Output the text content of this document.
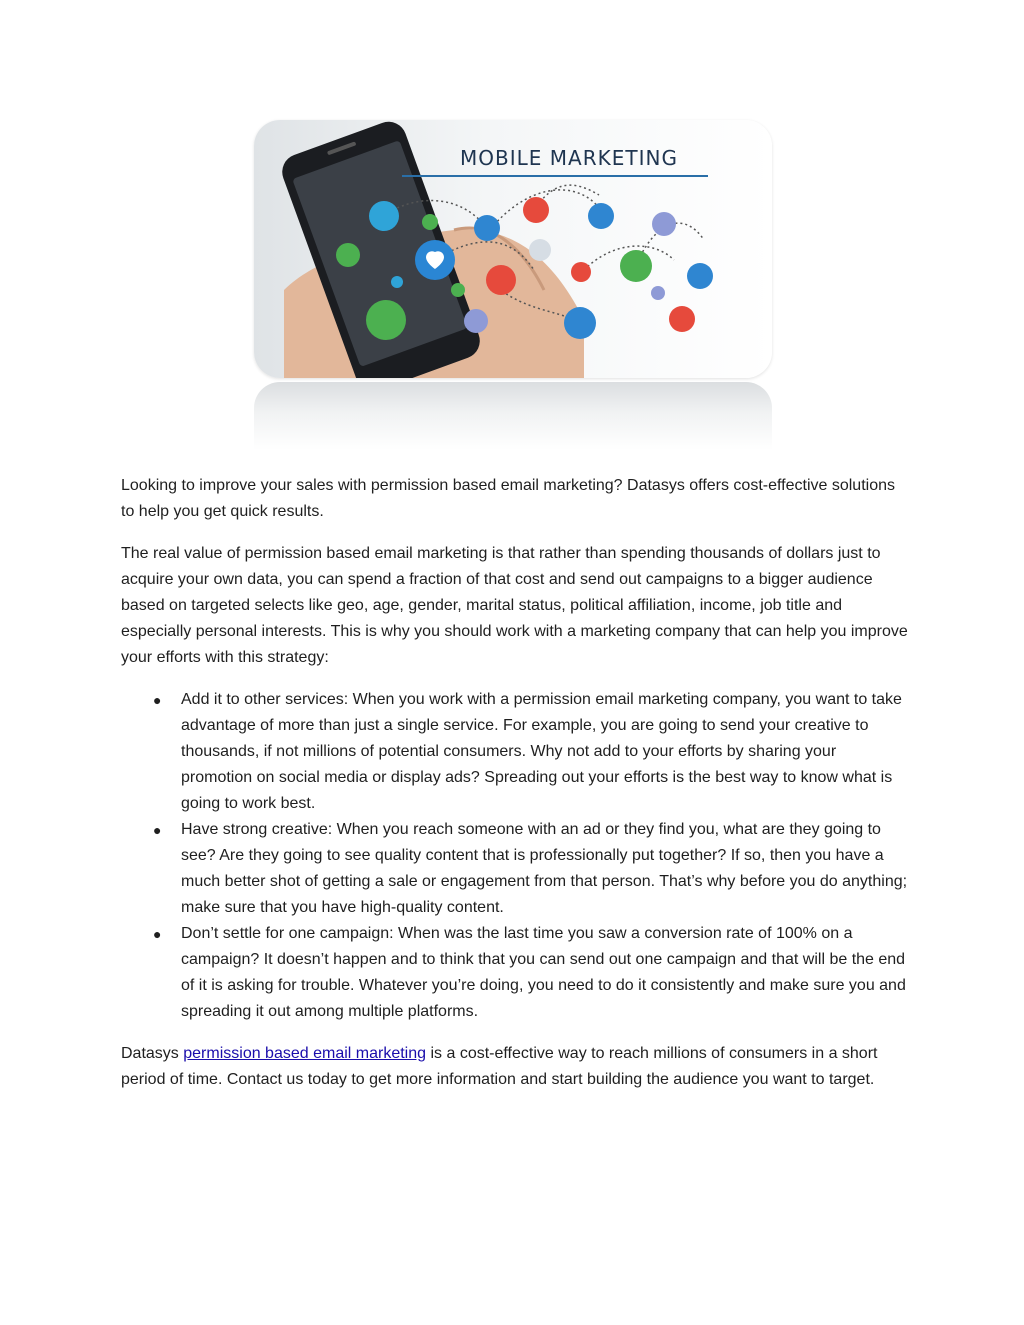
MOBILE MARKETING

Looking to improve your sales with permission based email marketing? Datasys offers cost-effective solutions to help you get quick results.

The real value of permission based email marketing is that rather than spending thousands of dollars just to acquire your own data, you can spend a fraction of that cost and send out campaigns to a bigger audience based on targeted selects like geo, age, gender, marital status, political affiliation, income, job title and especially personal interests. This is why you should work with a marketing company that can help you improve your efforts with this strategy:

● Add it to other services: When you work with a permission email marketing company, you want to take advantage of more than just a single service. For example, you are going to send your creative to thousands, if not millions of potential consumers. Why not add to your efforts by sharing your promotion on social media or display ads? Spreading out your efforts is the best way to know what is going to work best.
● Have strong creative: When you reach someone with an ad or they find you, what are they going to see? Are they going to see quality content that is professionally put together? If so, then you have a much better shot of getting a sale or engagement from that person. That’s why before you do anything; make sure that you have high-quality content.
● Don’t settle for one campaign: When was the last time you saw a conversion rate of 100% on a campaign? It doesn’t happen and to think that you can send out one campaign and that will be the end of it is asking for trouble. Whatever you’re doing, you need to do it consistently and make sure you and spreading it out among multiple platforms.

Datasys permission based email marketing is a cost-effective way to reach millions of consumers in a short period of time. Contact us today to get more information and start building the audience you want to target.
